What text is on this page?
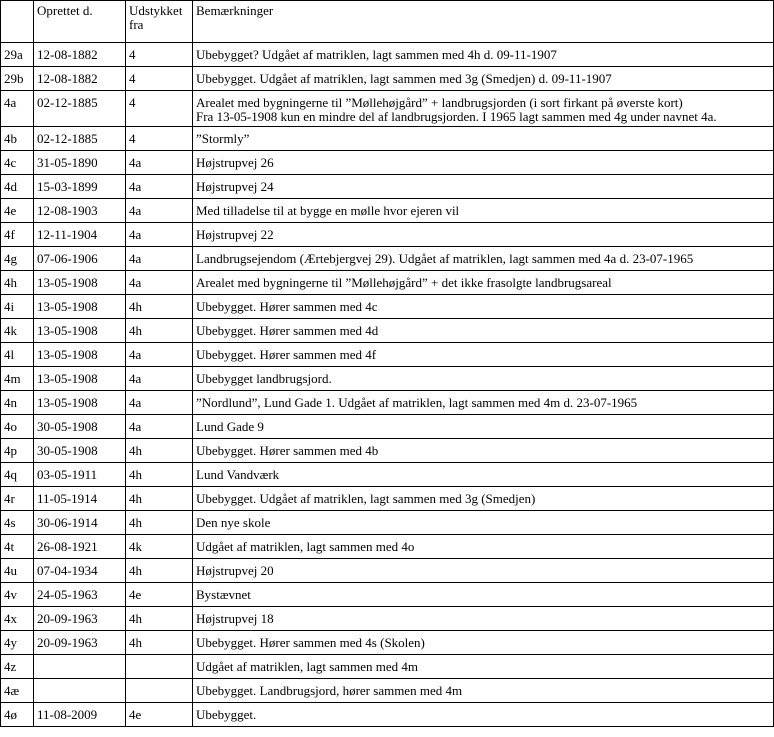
	Oprettet d.	Udstykket fra	Bemærkninger
29a	12-08-1882	4	Ubebygget? Udgået af matriklen, lagt sammen med 4h d. 09-11-1907
29b	12-08-1882	4	Ubebygget. Udgået af matriklen, lagt sammen med 3g (Smedjen) d. 09-11-1907
4a	02-12-1885	4	Arealet med bygningerne til ”Møllehøjgård” + landbrugsjorden (i sort firkant på øverste kort)
Fra 13-05-1908 kun en mindre del af landbrugsjorden. I 1965 lagt sammen med 4g under navnet 4a.
4b	02-12-1885	4	”Stormly”
4c	31-05-1890	4a	Højstrupvej 26
4d	15-03-1899	4a	Højstrupvej 24
4e	12-08-1903	4a	Med tilladelse til at bygge en mølle hvor ejeren vil
4f	12-11-1904	4a	Højstrupvej 22
4g	07-06-1906	4a	Landbrugsejendom (Ærtebjergvej 29). Udgået af matriklen, lagt sammen med 4a d. 23-07-1965
4h	13-05-1908	4a	Arealet med bygningerne til ”Møllehøjgård” + det ikke frasolgte landbrugsareal
4i	13-05-1908	4h	Ubebygget. Hører sammen med 4c
4k	13-05-1908	4h	Ubebygget. Hører sammen med 4d
4l	13-05-1908	4a	Ubebygget. Hører sammen med 4f
4m	13-05-1908	4a	Ubebygget landbrugsjord.
4n	13-05-1908	4a	”Nordlund”, Lund Gade 1. Udgået af matriklen, lagt sammen med 4m d. 23-07-1965
4o	30-05-1908	4a	Lund Gade 9
4p	30-05-1908	4h	Ubebygget. Hører sammen med 4b
4q	03-05-1911	4h	Lund Vandværk
4r	11-05-1914	4h	Ubebygget. Udgået af matriklen, lagt sammen med 3g (Smedjen)
4s	30-06-1914	4h	Den nye skole
4t	26-08-1921	4k	Udgået af matriklen, lagt sammen med 4o
4u	07-04-1934	4h	Højstrupvej 20
4v	24-05-1963	4e	Bystævnet
4x	20-09-1963	4h	Højstrupvej 18
4y	20-09-1963	4h	Ubebygget. Hører sammen med 4s (Skolen)
4z			Udgået af matriklen, lagt sammen med 4m
4æ			Ubebygget. Landbrugsjord, hører sammen med 4m
4ø	11-08-2009	4e	Ubebygget.
